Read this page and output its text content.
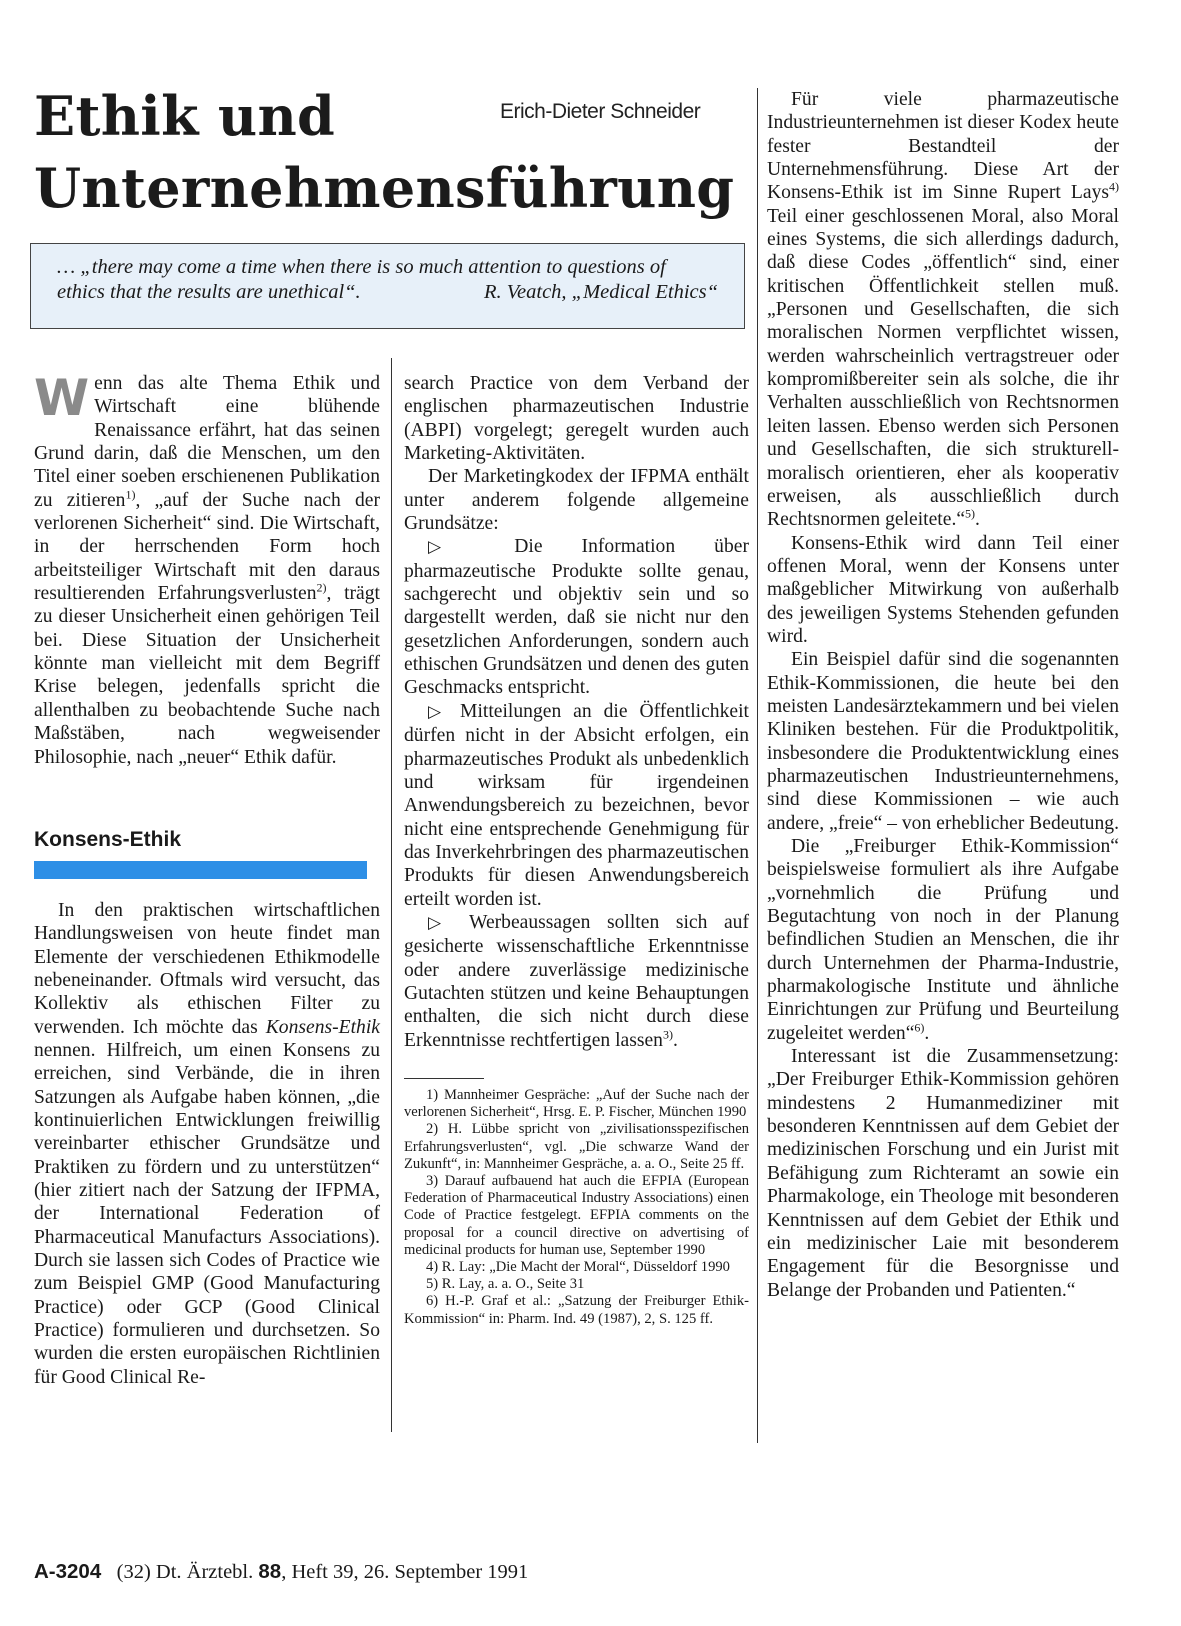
Ethik und
Unternehmensführung
Erich-Dieter Schneider
… „there may come a time when there is so much attention to questions of
ethics that the results are unethical“.	R. Veatch, „Medical Ethics“

Wenn das alte Thema Ethik und Wirtschaft eine blühende Renaissance erfährt, hat das seinen Grund darin, daß die Menschen, um den Titel einer soeben erschienenen Publikation zu zitieren$^{1)}$, „auf der Suche nach der verlorenen Sicherheit“ sind. Die Wirtschaft, in der herrschenden Form hoch arbeitsteiliger Wirtschaft mit den daraus resultierenden Erfahrungsverlusten$^{2)}$, trägt zu dieser Unsicherheit einen gehörigen Teil bei. Diese Situation der Unsicherheit könnte man vielleicht mit dem Begriff Krise belegen, jedenfalls spricht die allenthalben zu beobachtende Suche nach Maßstäben, nach wegweisender Philosophie, nach „neuer“ Ethik dafür.

Konsens-Ethik

In den praktischen wirtschaftlichen Handlungsweisen von heute findet man Elemente der verschiedenen Ethikmodelle nebeneinander. Oftmals wird versucht, das Kollektiv als ethischen Filter zu verwenden. Ich möchte das Konsens-Ethik nennen. Hilfreich, um einen Konsens zu erreichen, sind Verbände, die in ihren Satzungen als Aufgabe haben können, „die kontinuierlichen Entwicklungen freiwillig vereinbarter ethischer Grundsätze und Praktiken zu fördern und zu unterstützen“ (hier zitiert nach der Satzung der IFPMA, der International Federation of Pharmaceutical Manufacturs Associations). Durch sie lassen sich Codes of Practice wie zum Beispiel GMP (Good Manufacturing Practice) oder GCP (Good Clinical Practice) formulieren und durchsetzen. So wurden die ersten europäischen Richtlinien für Good Clinical Re-

search Practice von dem Verband der englischen pharmazeutischen Industrie (ABPI) vorgelegt; geregelt wurden auch Marketing-Aktivitäten.

Der Marketingkodex der IFPMA enthält unter anderem folgende allgemeine Grundsätze:

▷ Die Information über pharmazeutische Produkte sollte genau, sachgerecht und objektiv sein und so dargestellt werden, daß sie nicht nur den gesetzlichen Anforderungen, sondern auch ethischen Grundsätzen und denen des guten Geschmacks entspricht.

▷ Mitteilungen an die Öffentlichkeit dürfen nicht in der Absicht erfolgen, ein pharmazeutisches Produkt als unbedenklich und wirksam für irgendeinen Anwendungsbereich zu bezeichnen, bevor nicht eine entsprechende Genehmigung für das Inverkehrbringen des pharmazeutischen Produkts für diesen Anwendungsbereich erteilt worden ist.

▷ Werbeaussagen sollten sich auf gesicherte wissenschaftliche Erkenntnisse oder andere zuverlässige medizinische Gutachten stützen und keine Behauptungen enthalten, die sich nicht durch diese Erkenntnisse rechtfertigen lassen$^{3)}$.

1) Mannheimer Gespräche: „Auf der Suche nach der verlorenen Sicherheit“, Hrsg. E. P. Fischer, München 1990

2) H. Lübbe spricht von „zivilisationsspezifischen Erfahrungsverlusten“, vgl. „Die schwarze Wand der Zukunft“, in: Mannheimer Gespräche, a. a. O., Seite 25 ff.

3) Darauf aufbauend hat auch die EFPIA (European Federation of Pharmaceutical Industry Associations) einen Code of Practice festgelegt. EFPIA comments on the proposal for a council directive on advertising of medicinal products for human use, September 1990

4) R. Lay: „Die Macht der Moral“, Düsseldorf 1990

5) R. Lay, a. a. O., Seite 31

6) H.-P. Graf et al.: „Satzung der Freiburger Ethik-Kommission“ in: Pharm. Ind. 49 (1987), 2, S. 125 ff.

Für viele pharmazeutische Industrieunternehmen ist dieser Kodex heute fester Bestandteil der Unternehmensführung. Diese Art der Konsens-Ethik ist im Sinne Rupert Lays$^{4)}$ Teil einer geschlossenen Moral, also Moral eines Systems, die sich allerdings dadurch, daß diese Codes „öffentlich“ sind, einer kritischen Öffentlichkeit stellen muß. „Personen und Gesellschaften, die sich moralischen Normen verpflichtet wissen, werden wahrscheinlich vertragstreuer oder kompromißbereiter sein als solche, die ihr Verhalten ausschließlich von Rechtsnormen leiten lassen. Ebenso werden sich Personen und Gesellschaften, die sich strukturell-moralisch orientieren, eher als kooperativ erweisen, als ausschließlich durch Rechtsnormen geleitete.“$^{5)}$.

Konsens-Ethik wird dann Teil einer offenen Moral, wenn der Konsens unter maßgeblicher Mitwirkung von außerhalb des jeweiligen Systems Stehenden gefunden wird.

Ein Beispiel dafür sind die sogenannten Ethik-Kommissionen, die heute bei den meisten Landesärztekammern und bei vielen Kliniken bestehen. Für die Produktpolitik, insbesondere die Produktentwicklung eines pharmazeutischen Industrieunternehmens, sind diese Kommissionen – wie auch andere, „freie“ – von erheblicher Bedeutung.

Die „Freiburger Ethik-Kommission“ beispielsweise formuliert als ihre Aufgabe „vornehmlich die Prüfung und Begutachtung von noch in der Planung befindlichen Studien an Menschen, die ihr durch Unternehmen der Pharma-Industrie, pharmakologische Institute und ähnliche Einrichtungen zur Prüfung und Beurteilung zugeleitet werden“$^{6)}$.

Interessant ist die Zusammensetzung: „Der Freiburger Ethik-Kommission gehören mindestens 2 Humanmediziner mit besonderen Kenntnissen auf dem Gebiet der medizinischen Forschung und ein Jurist mit Befähigung zum Richteramt an sowie ein Pharmakologe, ein Theologe mit besonderen Kenntnissen auf dem Gebiet der Ethik und ein medizinischer Laie mit besonderem Engagement für die Besorgnisse und Belange der Probanden und Patienten.“

A-3204 (32) Dt. Ärztebl. 88, Heft 39, 26. September 1991
